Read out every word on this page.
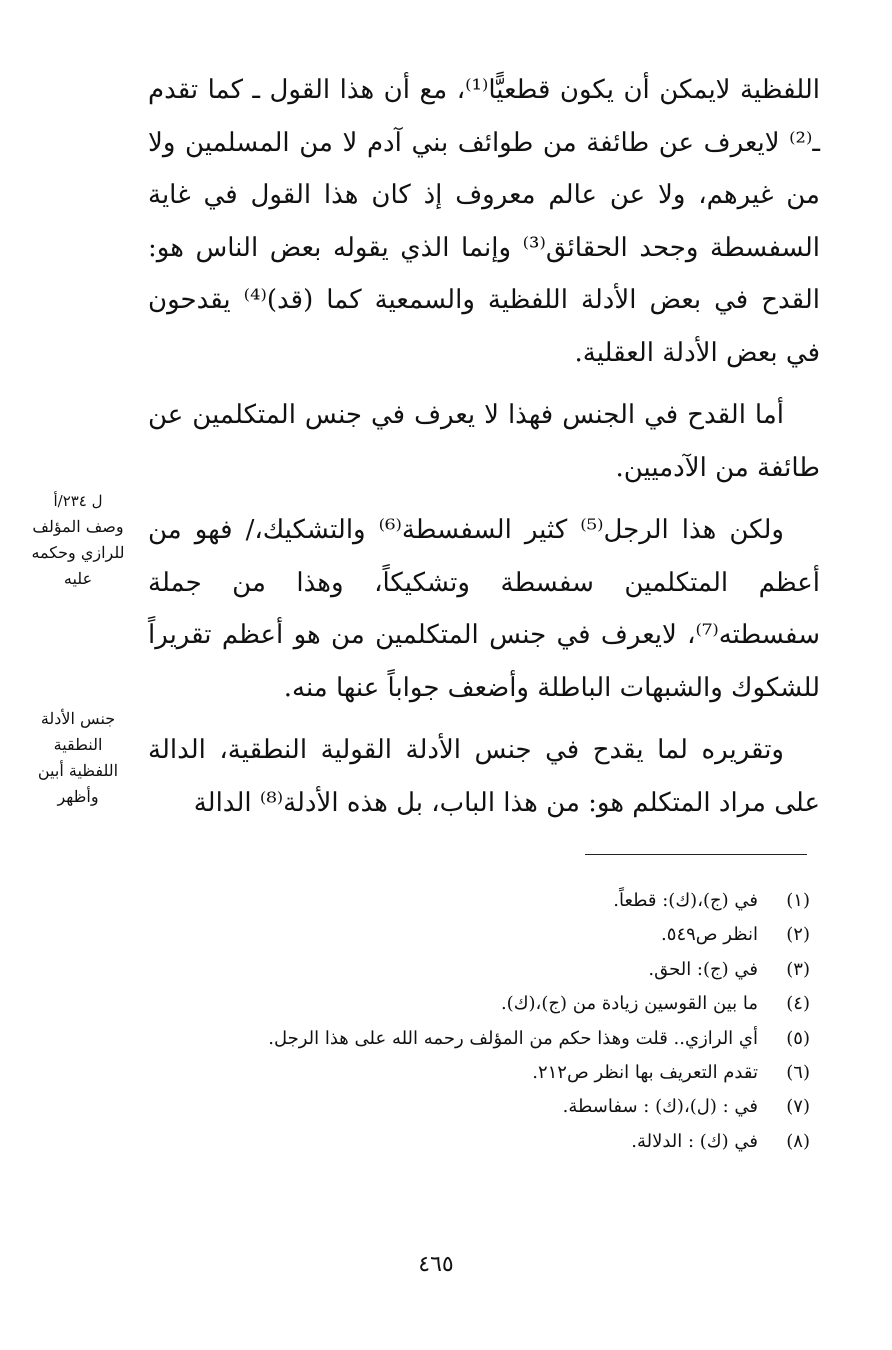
اللفظية لايمكن أن يكون قطعيًّا⁽¹⁾، مع أن هذا القول ـ كما تقدم ـ⁽²⁾ لايعرف عن طائفة من طوائف بني آدم لا من المسلمين ولا من غيرهم، ولا عن عالم معروف إذ كان هذا القول في غاية السفسطة وجحد الحقائق⁽³⁾ وإنما الذي يقوله بعض الناس هو: القدح في بعض الأدلة اللفظية والسمعية كما (قد)⁽⁴⁾ يقدحون في بعض الأدلة العقلية.

أما القدح في الجنس فهذا لا يعرف في جنس المتكلمين عن طائفة من الآدميين.

ولكن هذا الرجل⁽⁵⁾ كثير السفسطة⁽⁶⁾ والتشكيك،/ فهو من أعظم المتكلمين سفسطة وتشكيكاً، وهذا من جملة سفسطته⁽⁷⁾، لايعرف في جنس المتكلمين من هو أعظم تقريراً للشكوك والشبهات الباطلة وأضعف جواباً عنها منه.

وتقريره لما يقدح في جنس الأدلة القولية النطقية، الدالة على مراد المتكلم هو: من هذا الباب، بل هذه الأدلة⁽⁸⁾ الدالة

ل ٢٣٤/أ
وصف المؤلف للرازي وحكمه عليه
جنس الأدلة النطقية اللفظية أبين وأظهر
(١)
في (ج)،(ك): قطعاً.
(٢)
انظر ص٥٤٩.
(٣)
في (ج): الحق.
(٤)
ما بين القوسين زيادة من (ج)،(ك).
(٥)
أي الرازي.. قلت وهذا حكم من المؤلف رحمه الله على هذا الرجل.
(٦)
تقدم التعريف بها انظر ص٢١٢.
(٧)
في : (ل)،(ك) : سفاسطة.
(٨)
في (ك) : الدلالة.
٤٦٥
